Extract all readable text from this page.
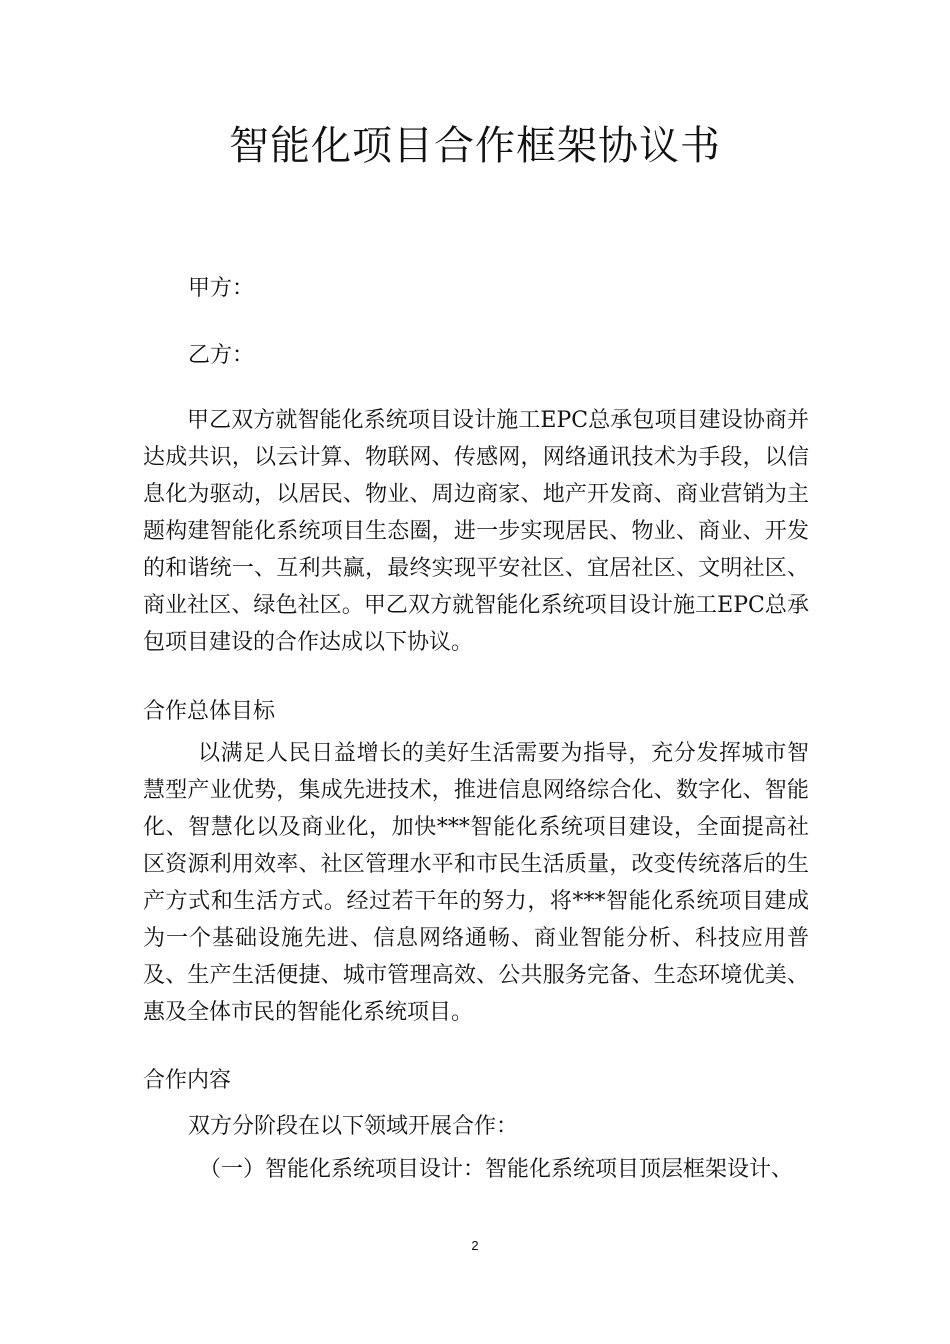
智能化项目合作框架协议书

甲方：

乙方：

甲乙双方就智能化系统项目设计施工EPC总承包项目建设协商并达成共识，以云计算、物联网、传感网，网络通讯技术为手段，以信息化为驱动，以居民、物业、周边商家、地产开发商、商业营销为主题构建智能化系统项目生态圈，进一步实现居民、物业、商业、开发的和谐统一、互利共赢，最终实现平安社区、宜居社区、文明社区、商业社区、绿色社区。甲乙双方就智能化系统项目设计施工EPC总承包项目建设的合作达成以下协议。

合作总体目标

以满足人民日益增长的美好生活需要为指导，充分发挥城市智慧型产业优势，集成先进技术，推进信息网络综合化、数字化、智能化、智慧化以及商业化，加快***智能化系统项目建设，全面提高社区资源利用效率、社区管理水平和市民生活质量，改变传统落后的生产方式和生活方式。经过若干年的努力，将***智能化系统项目建成为一个基础设施先进、信息网络通畅、商业智能分析、科技应用普及、生产生活便捷、城市管理高效、公共服务完备、生态环境优美、惠及全体市民的智能化系统项目。

合作内容

双方分阶段在以下领域开展合作：

（一）智能化系统项目设计：智能化系统项目顶层框架设计、

2
